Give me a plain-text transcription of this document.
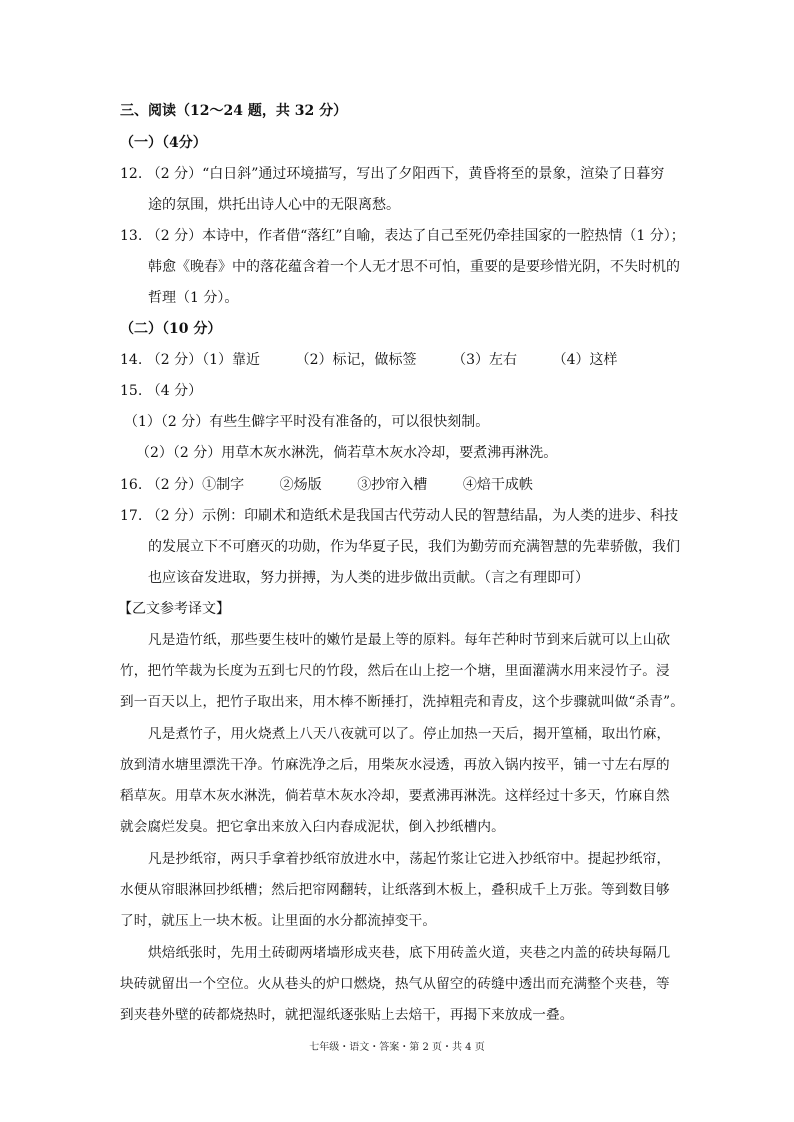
三、阅读（12～24 题，共 32 分）
（一）（4分）
12. （2 分）“白日斜”通过环境描写，写出了夕阳西下，黄昏将至的景象，渲染了日暮穷
途的氛围，烘托出诗人心中的无限离愁。
13. （2 分）本诗中，作者借“落红”自喻，表达了自己至死仍牵挂国家的一腔热情（1 分）；
韩愈《晚春》中的落花蕴含着一个人无才思不可怕，重要的是要珍惜光阴，不失时机的
哲理（1 分）。
（二）（10 分）
14. （2 分）（1）靠近        （2）标记，做标签        （3）左右        （4）这样
15. （4 分）
（1）（2 分）有些生僻字平时没有准备的，可以很快刻制。
（2）（2 分）用草木灰水淋洗，倘若草木灰水冷却，要煮沸再淋洗。
16. （2 分）①制字        ②炀版        ③抄帘入槽        ④焙干成帙
17. （2 分）示例：印刷术和造纸术是我国古代劳动人民的智慧结晶，为人类的进步、科技
的发展立下不可磨灭的功勋，作为华夏子民，我们为勤劳而充满智慧的先辈骄傲，我们
也应该奋发进取，努力拼搏，为人类的进步做出贡献。（言之有理即可）
【乙文参考译文】
凡是造竹纸，那些要生枝叶的嫩竹是最上等的原料。每年芒种时节到来后就可以上山砍
竹，把竹竿裁为长度为五到七尺的竹段，然后在山上挖一个塘，里面灌满水用来浸竹子。浸
到一百天以上，把竹子取出来，用木棒不断捶打，洗掉粗壳和青皮，这个步骤就叫做“杀青”。
凡是煮竹子，用火烧煮上八天八夜就可以了。停止加热一天后，揭开篁桶，取出竹麻，
放到清水塘里漂洗干净。竹麻洗净之后，用柴灰水浸透，再放入锅内按平，铺一寸左右厚的
稻草灰。用草木灰水淋洗，倘若草木灰水冷却，要煮沸再淋洗。这样经过十多天，竹麻自然
就会腐烂发臭。把它拿出来放入臼内舂成泥状，倒入抄纸槽内。
凡是抄纸帘，两只手拿着抄纸帘放进水中，荡起竹浆让它进入抄纸帘中。提起抄纸帘，
水便从帘眼淋回抄纸槽；然后把帘网翻转，让纸落到木板上，叠积成千上万张。等到数目够
了时，就压上一块木板。让里面的水分都流掉变干。
烘焙纸张时，先用土砖砌两堵墙形成夹巷，底下用砖盖火道，夹巷之内盖的砖块每隔几
块砖就留出一个空位。火从巷头的炉口燃烧，热气从留空的砖缝中透出而充满整个夹巷，等
到夹巷外壁的砖都烧热时，就把湿纸逐张贴上去焙干，再揭下来放成一叠。
七年级・语文・答案・第 2 页・共 4 页
